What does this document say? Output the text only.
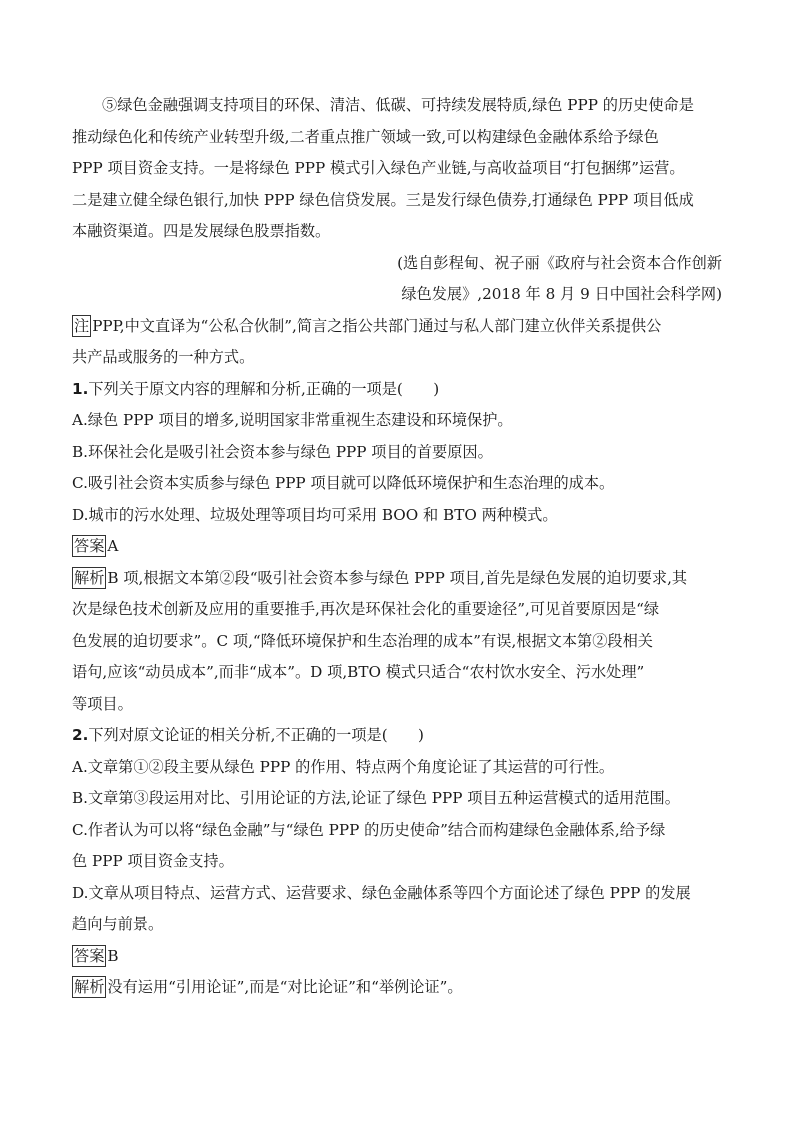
⑤绿色金融强调支持项目的环保、清洁、低碳、可持续发展特质,绿色 PPP 的历史使命是
推动绿色化和传统产业转型升级,二者重点推广领域一致,可以构建绿色金融体系给予绿色
PPP 项目资金支持。一是将绿色 PPP 模式引入绿色产业链,与高收益项目“打包捆绑”运营。
二是建立健全绿色银行,加快 PPP 绿色信贷发展。三是发行绿色债券,打通绿色 PPP 项目低成
本融资渠道。四是发展绿色股票指数。
(选自彭程甸、祝子丽《政府与社会资本合作创新
绿色发展》,2018 年 8 月 9 日中国社会科学网)
注 PPP,中文直译为“公私合伙制”,简言之指公共部门通过与私人部门建立伙伴关系提供公
共产品或服务的一种方式。
1.下列关于原文内容的理解和分析,正确的一项是(　　)
A.绿色 PPP 项目的增多,说明国家非常重视生态建设和环境保护。
B.环保社会化是吸引社会资本参与绿色 PPP 项目的首要原因。
C.吸引社会资本实质参与绿色 PPP 项目就可以降低环境保护和生态治理的成本。
D.城市的污水处理、垃圾处理等项目均可采用 BOO 和 BTO 两种模式。
答案 A
解析 B 项,根据文本第②段“吸引社会资本参与绿色 PPP 项目,首先是绿色发展的迫切要求,其
次是绿色技术创新及应用的重要推手,再次是环保社会化的重要途径”,可见首要原因是“绿
色发展的迫切要求”。C 项,“降低环境保护和生态治理的成本”有误,根据文本第②段相关
语句,应该“动员成本”,而非“成本”。D 项,BTO 模式只适合“农村饮水安全、污水处理”
等项目。
2.下列对原文论证的相关分析,不正确的一项是(　　)
A.文章第①②段主要从绿色 PPP 的作用、特点两个角度论证了其运营的可行性。
B.文章第③段运用对比、引用论证的方法,论证了绿色 PPP 项目五种运营模式的适用范围。
C.作者认为可以将“绿色金融”与“绿色 PPP 的历史使命”结合而构建绿色金融体系,给予绿
色 PPP 项目资金支持。
D.文章从项目特点、运营方式、运营要求、绿色金融体系等四个方面论述了绿色 PPP 的发展
趋向与前景。
答案 B
解析 没有运用“引用论证”,而是“对比论证”和“举例论证”。
